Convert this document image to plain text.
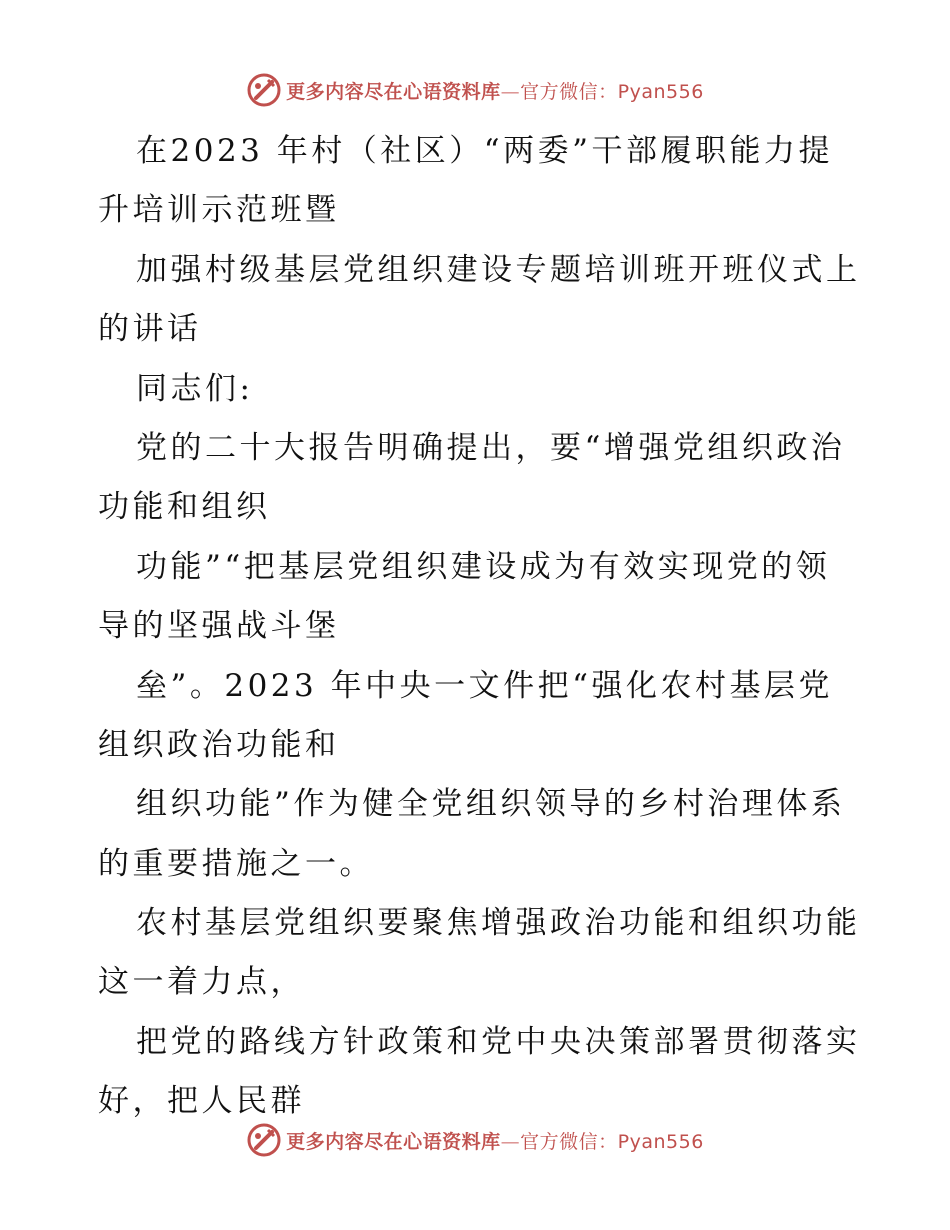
更多内容尽在心语资料库—官方微信：Pyan556
在2023 年村（社区）“两委”干部履职能力提
升培训示范班暨
加强村级基层党组织建设专题培训班开班仪式上
的讲话
同志们:
党的二十大报告明确提出，要“增强党组织政治
功能和组织
功能”“把基层党组织建设成为有效实现党的领
导的坚强战斗堡
垒”。2023 年中央一文件把“强化农村基层党
组织政治功能和
组织功能”作为健全党组织领导的乡村治理体系
的重要措施之一。
农村基层党组织要聚焦增强政治功能和组织功能
这一着力点，
把党的路线方针政策和党中央决策部署贯彻落实
好，把人民群
更多内容尽在心语资料库—官方微信：Pyan556
